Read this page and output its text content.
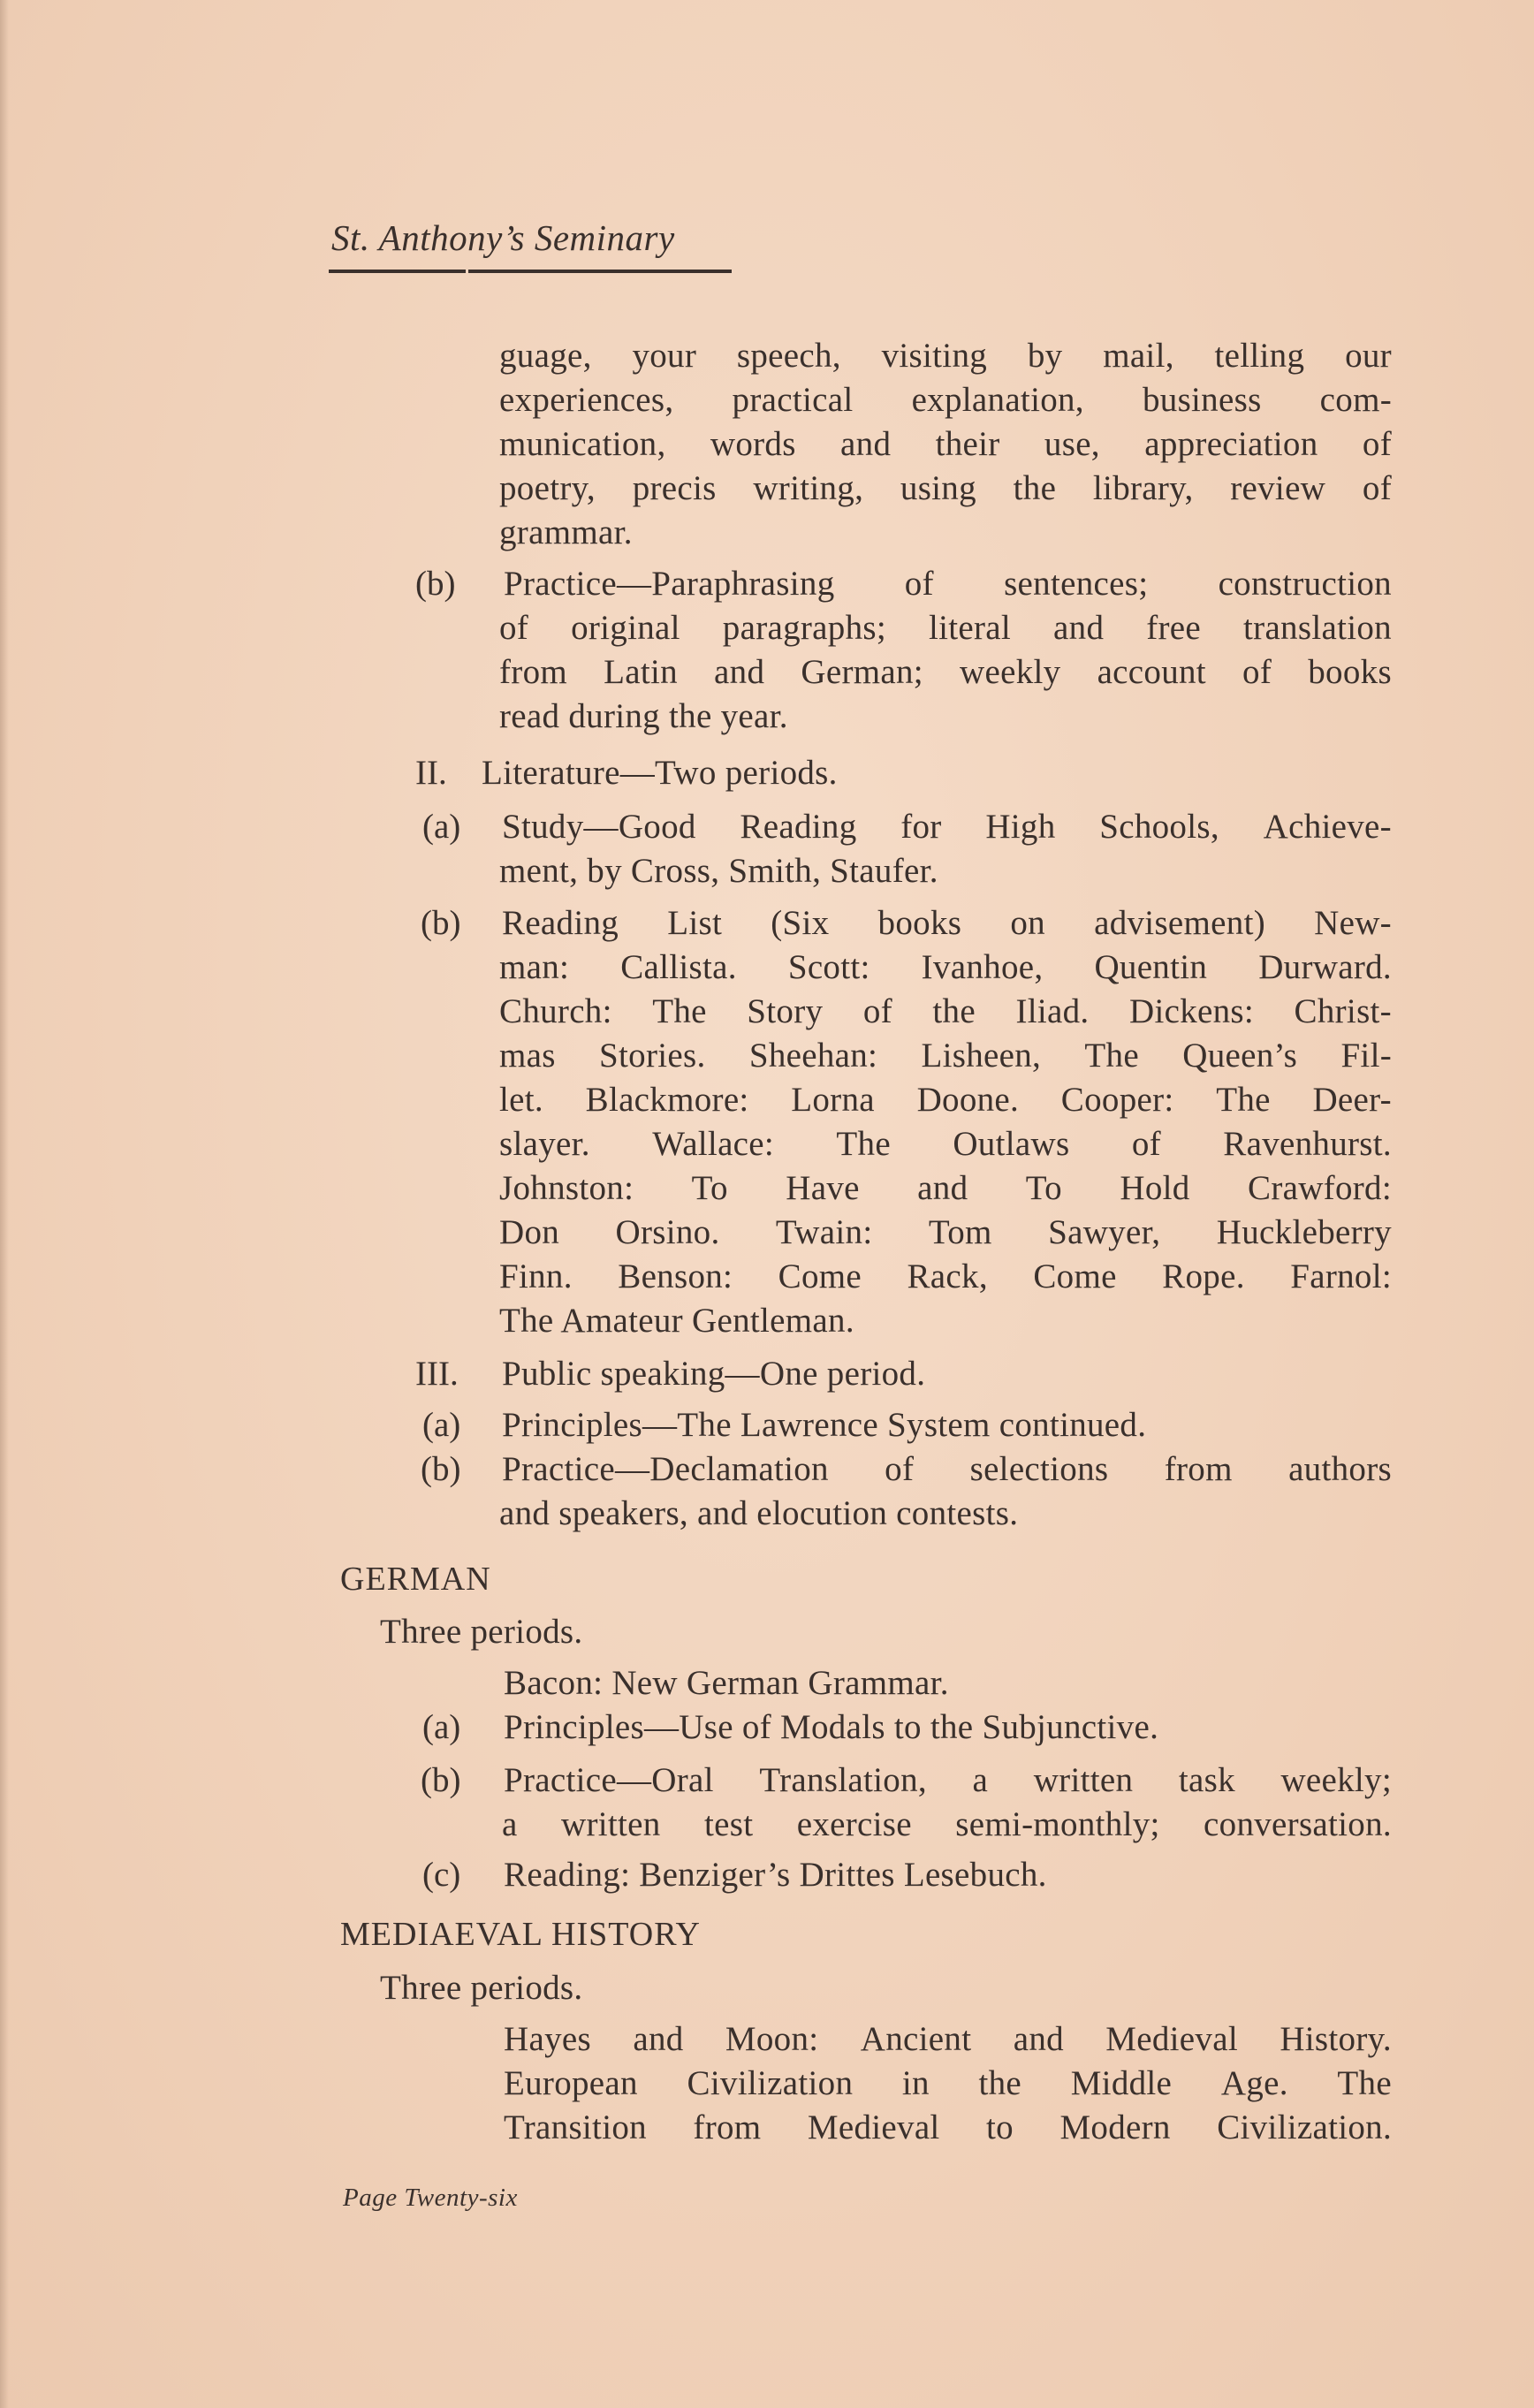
St. Anthony’s Seminary
guage, your speech, visiting by mail, telling our
experiences, practical explanation, business com-
munication, words and their use, appreciation of
poetry, precis writing, using the library, review of
grammar.
(b) Practice—Paraphrasing of sentences; construction
of original paragraphs; literal and free translation
from Latin and German; weekly account of books
read during the year.
II. Literature—Two periods.
(a) Study—Good Reading for High Schools, Achieve-
ment, by Cross, Smith, Staufer.
(b) Reading List (Six books on advisement) New-
man: Callista. Scott: Ivanhoe, Quentin Durward.
Church: The Story of the Iliad. Dickens: Christ-
mas Stories. Sheehan: Lisheen, The Queen’s Fil-
let. Blackmore: Lorna Doone. Cooper: The Deer-
slayer. Wallace: The Outlaws of Ravenhurst.
Johnston: To Have and To Hold Crawford:
Don Orsino. Twain: Tom Sawyer, Huckleberry
Finn. Benson: Come Rack, Come Rope. Farnol:
The Amateur Gentleman.
III. Public speaking—One period.
(a) Principles—The Lawrence System continued.
(b) Practice—Declamation of selections from authors
and speakers, and elocution contests.
GERMAN
Three periods.
Bacon: New German Grammar.
(a) Principles—Use of Modals to the Subjunctive.
(b) Practice—Oral Translation, a written task weekly;
a written test exercise semi-monthly; conversation.
(c) Reading: Benziger’s Drittes Lesebuch.
MEDIAEVAL HISTORY
Three periods.
Hayes and Moon: Ancient and Medieval History.
European Civilization in the Middle Age. The
Transition from Medieval to Modern Civilization.
Page Twenty-six
